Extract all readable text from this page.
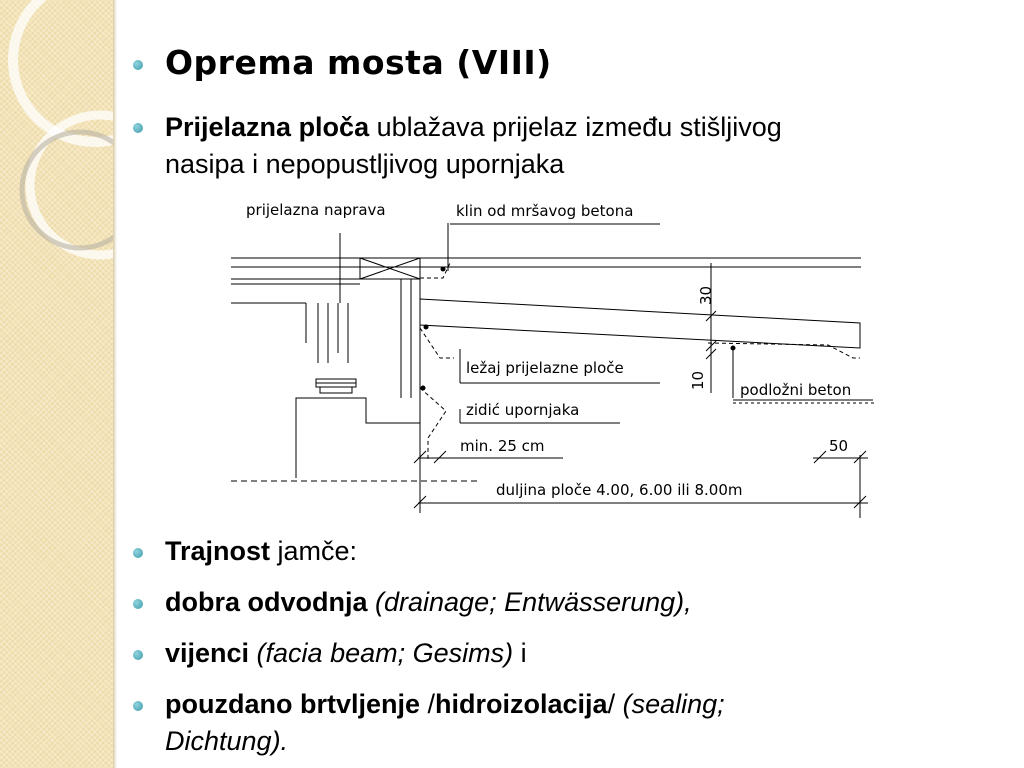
Oprema mosta (VIII)
Prijelazna ploča ublažava prijelaz između stišljivog
nasipa i nepopustljivog upornjaka
prijelazna naprava	klin od mršavog betona
ležaj prijelazne ploče
zidić upornjaka
podložni beton
30
10
min. 25 cm	50
duljina ploče 4.00, 6.00 ili 8.00m
Trajnost jamče:
dobra odvodnja (drainage; Entwässerung),
vijenci (facia beam; Gesims) i
pouzdano brtvljenje /hidroizolacija/ (sealing;
Dichtung).
